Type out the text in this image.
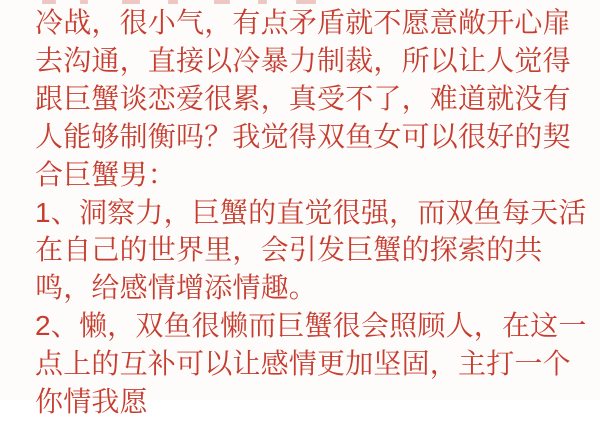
冷战，很小气，有点矛盾就不愿意敞开心扉
去沟通，直接以冷暴力制裁，所以让人觉得
跟巨蟹谈恋爱很累，真受不了，难道就没有
人能够制衡吗？我觉得双鱼女可以很好的契
合巨蟹男：
1、洞察力，巨蟹的直觉很强，而双鱼每天活
在自己的世界里，会引发巨蟹的探索的共
鸣，给感情增添情趣。
2、懒，双鱼很懒而巨蟹很会照顾人，在这一
点上的互补可以让感情更加坚固，主打一个
你情我愿
